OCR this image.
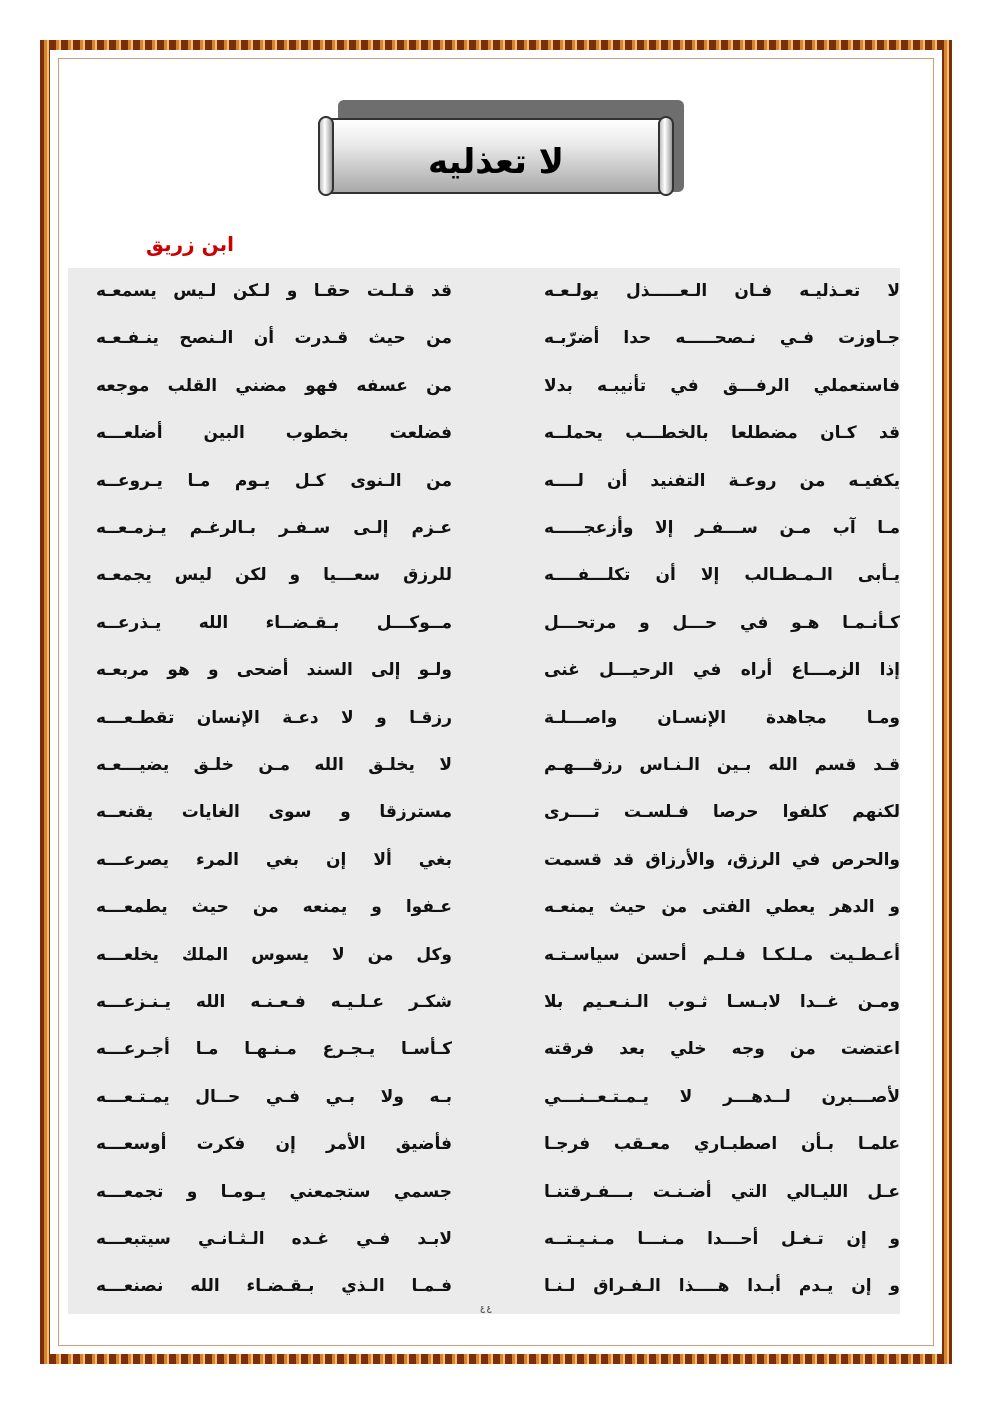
لا تعذليه
ابن زريق
لا تعـذليـه فـان الـعـــــذل يولـعـه
قد قـلـت حقـا و لـكن لـيس يسمعـه
جـاوزت فـي نـصحـــــه حدا أضرّبـه
من حيث قـدرت أن الـنصح ينـفـعـه
فاستعملي الرفـــق في تأنيبـه بدلا
من عسفه فهو مضني القلب موجعه
قد كـان مضطلعا بالخطـــب يحملــه
فضلعت بخطوب البين أضلعـــه
يكفيـه من روعـة التفنيد أن لــــه
من الـنوى كـل يـوم مـا يـروعــه
مـا آب مـن ســـفـر إلا وأزعجـــــه
عـزم إلـى سـفـر بـالرغـم يـزمـعــه
يـأبى الـمـطـالب إلا أن تكلـــفــــه
للرزق سعـــيا و لكن ليس يجمعـه
كـأنـمـا هـو في حـــل و مرتحـــل
مــوكـــل بـقـضــاء الله يـذرعــه
إذا الزمـــاع أراه في الرحيـــل غنى
ولـو إلى السند أضحى و هو مربعـه
ومـا مجاهدة الإنسـان واصـــلـة
رزقـا و لا دعـة الإنسان تقطـعـــه
قـد قسم الله بـين الـنـاس رزقـــهـم
لا يخلـق الله مـن خلـق يضيـــعـه
لكنهم كلفوا حرصا فـلسـت تــــرى
مسترزقا و سوى الغايات يقنعــه
والحرص في الرزق، والأرزاق قد قسمت
بغي ألا إن بغي المرء يصرعـــه
و الدهر يعطي الفتى من حيث يمنعـه
عـفوا و يمنعه من حيث يطمعـــه
أعـطـيت مـلـكـا فـلـم أحسن سياسـتـه
وكل من لا يسوس الملك يخلعـــه
ومـن غــدا لابـسـا ثـوب الـنـعـيم بلا
شكـر عـلـيـه فـعـنـه الله يـنـزعـــه
اعتضت من وجه خلي بعد فرقته
كـأسـا يـجـرع مـنـهـا مـا أجـرعـــه
لأصـــبرن لــدهـــر لا يـمـتـعــنـــي
بـه ولا بـي فـي حــال يمـتـعـــه
علمـا بـأن اصطبـاري معـقب فرجـا
فأضيق الأمر إن فكرت أوسعـــه
عـل الليـالي التي أضـنـت بـــفـرقتنـا
جسمي ستجمعني يـومـا و تجمعـــه
و إن تـغـل أحـــدا مـنـــا مـنـيـتــه
لابـد فـي غـده الـثـانـي سيتبعـــه
و إن يـدم أبـدا هــــذا الـفـراق لـنـا
فـمـا الـذي بـقـضـاء الله نصنعـــه
٤٤
